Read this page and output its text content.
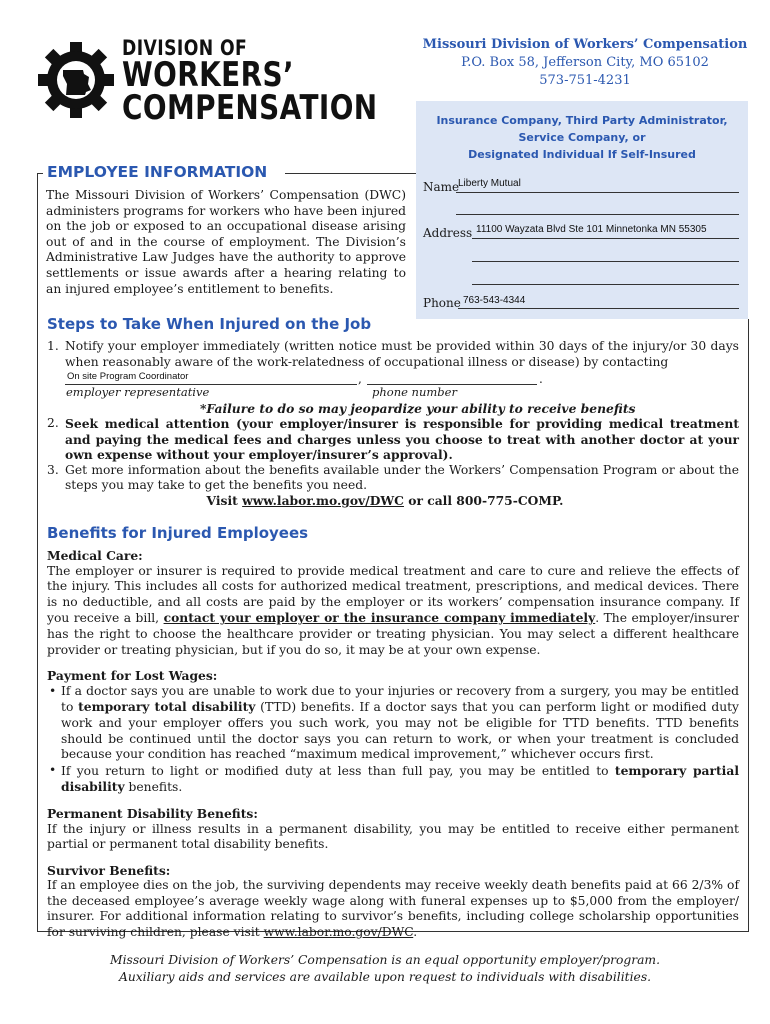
DIVISION OF
WORKERS’
COMPENSATION
Missouri Division of Workers’ Compensation
P.O. Box 58, Jefferson City, MO 65102
573-751-4231
Insurance Company, Third Party Administrator,
Service Company, or
Designated Individual If Self-Insured
Name
Liberty Mutual
Address 11100 Wayzata Blvd Ste 101 Minnetonka MN 55305
Phone 763-543-4344
EMPLOYEE INFORMATION
The Missouri Division of Workers’ Compensation (DWC) administers programs for workers who have been injured on the job or exposed to an occupational disease arising out of and in the course of employment. The Division’s Administrative Law Judges have the authority to approve settlements or issue awards after a hearing relating to an injured employee’s entitlement to benefits.
Steps to Take When Injured on the Job
1. Notify your employer immediately (written notice must be provided within 30 days of the injury/or 30 days when reasonably aware of the work-relatedness of occupational illness or disease) by contacting

On site Program Coordinator	,	.
employer representative	phone number
*Failure to do so may jeopardize your ability to receive benefits
2. Seek medical attention (your employer/insurer is responsible for providing medical treatment and paying the medical fees and charges unless you choose to treat with another doctor at your own expense without your employer/insurer’s approval).

3. Get more information about the benefits available under the Workers’ Compensation Program or about the steps you may take to get the benefits you need.

Visit www.labor.mo.gov/DWC or call 800-775-COMP.
Benefits for Injured Employees

Medical Care:

The employer or insurer is required to provide medical treatment and care to cure and relieve the effects of the injury. This includes all costs for authorized medical treatment, prescriptions, and medical devices. There is no deductible, and all costs are paid by the employer or its workers’ compensation insurance company. If you receive a bill, contact your employer or the insurance company immediately. The employer/insurer has the right to choose the healthcare provider or treating physician. You may select a different healthcare provider or treating physician, but if you do so, it may be at your own expense.

Payment for Lost Wages:

• If a doctor says you are unable to work due to your injuries or recovery from a surgery, you may be entitled to temporary total disability (TTD) benefits. If a doctor says that you can perform light or modified duty work and your employer offers you such work, you may not be eligible for TTD benefits. TTD benefits should be continued until the doctor says you can return to work, or when your treatment is concluded because your condition has reached “maximum medical improvement,” whichever occurs first.

• If you return to light or modified duty at less than full pay, you may be entitled to temporary partial disability benefits.

Permanent Disability Benefits:

If the injury or illness results in a permanent disability, you may be entitled to receive either permanent partial or permanent total disability benefits.

Survivor Benefits:

If an employee dies on the job, the surviving dependents may receive weekly death benefits paid at 66 2/3% of the deceased employee’s average weekly wage along with funeral expenses up to $5,000 from the employer/ insurer. For additional information relating to survivor’s benefits, including college scholarship opportunities for surviving children, please visit www.labor.mo.gov/DWC.

Missouri Division of Workers’ Compensation is an equal opportunity employer/program.
Auxiliary aids and services are available upon request to individuals with disabilities.
